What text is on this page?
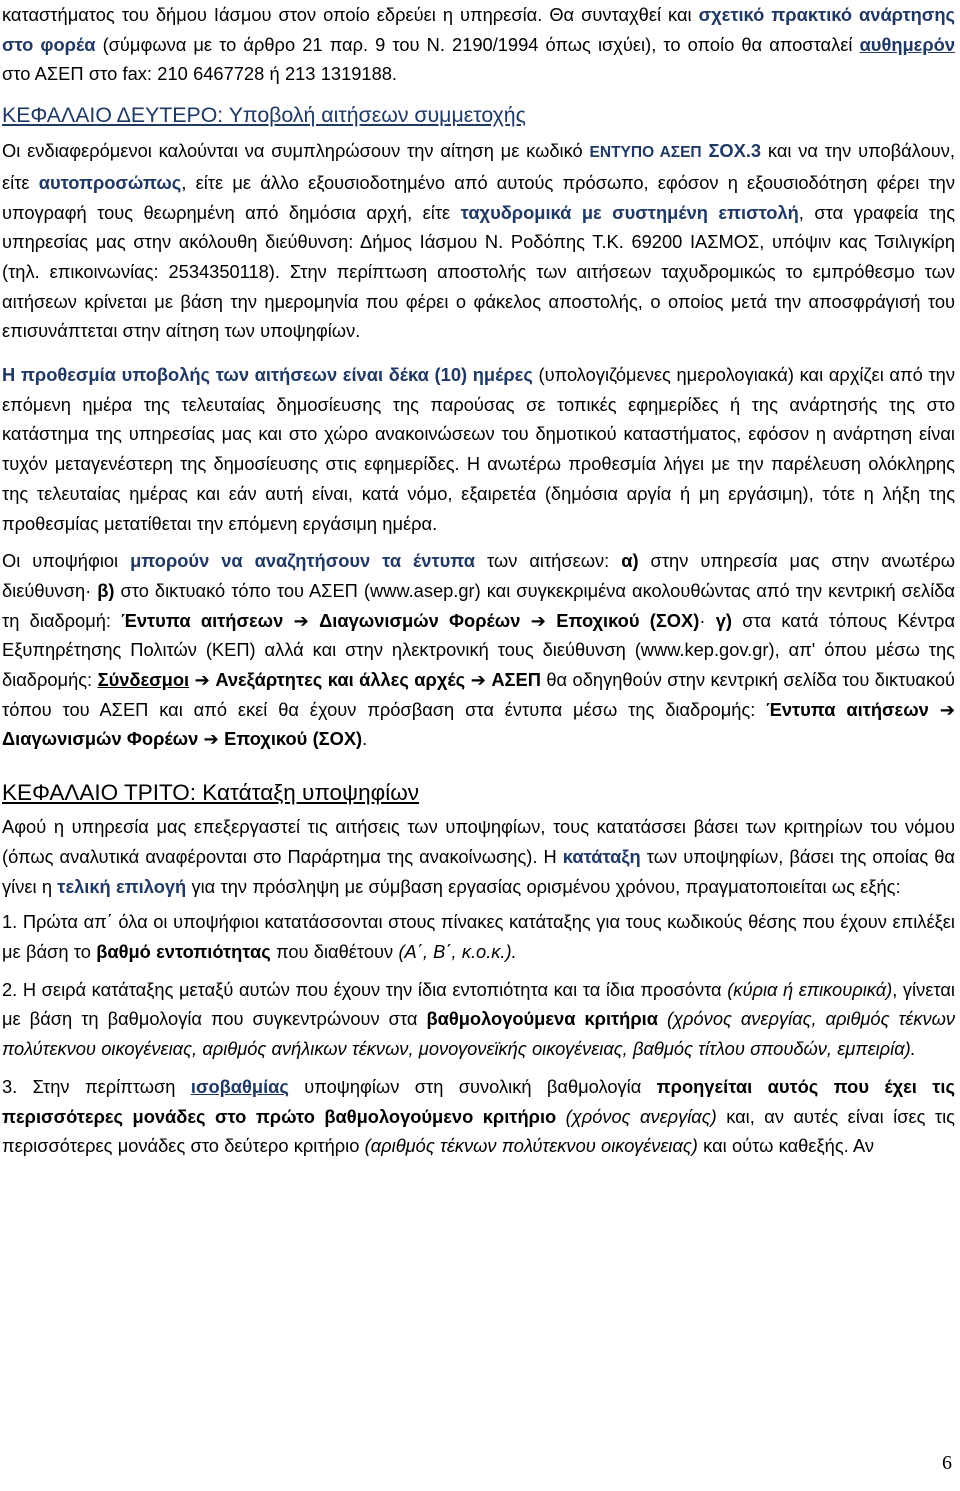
καταστήματος του δήμου Ιάσμου στον οποίο εδρεύει η υπηρεσία. Θα συνταχθεί και σχετικό πρακτικό ανάρτησης στο φορέα (σύμφωνα με το άρθρο 21 παρ. 9 του Ν. 2190/1994 όπως ισχύει), το οποίο θα αποσταλεί αυθημερόν στο ΑΣΕΠ στο fax: 210 6467728 ή 213 1319188.

ΚΕΦΑΛΑΙΟ ΔΕΥΤΕΡΟ: Υποβολή αιτήσεων συμμετοχής

Οι ενδιαφερόμενοι καλούνται να συμπληρώσουν την αίτηση με κωδικό ΕΝΤΥΠΟ ΑΣΕΠ ΣΟΧ.3 και να την υποβάλουν, είτε αυτοπροσώπως, είτε με άλλο εξουσιοδοτημένο από αυτούς πρόσωπο, εφόσον η εξουσιοδότηση φέρει την υπογραφή τους θεωρημένη από δημόσια αρχή, είτε ταχυδρομικά με συστημένη επιστολή, στα γραφεία της υπηρεσίας μας στην ακόλουθη διεύθυνση: Δήμος Ιάσμου Ν. Ροδόπης Τ.Κ. 69200 ΙΑΣΜΟΣ, υπόψιν κας Τσιλιγκίρη (τηλ. επικοινωνίας: 2534350118). Στην περίπτωση αποστολής των αιτήσεων ταχυδρομικώς το εμπρόθεσμο των αιτήσεων κρίνεται με βάση την ημερομηνία που φέρει ο φάκελος αποστολής, ο οποίος μετά την αποσφράγισή του επισυνάπτεται στην αίτηση των υποψηφίων.

Η προθεσμία υποβολής των αιτήσεων είναι δέκα (10) ημέρες (υπολογιζόμενες ημερολογιακά) και αρχίζει από την επόμενη ημέρα της τελευταίας δημοσίευσης της παρούσας σε τοπικές εφημερίδες ή της ανάρτησής της στο κατάστημα της υπηρεσίας μας και στο χώρο ανακοινώσεων του δημοτικού καταστήματος, εφόσον η ανάρτηση είναι τυχόν μεταγενέστερη της δημοσίευσης στις εφημερίδες. Η ανωτέρω προθεσμία λήγει με την παρέλευση ολόκληρης της τελευταίας ημέρας και εάν αυτή είναι, κατά νόμο, εξαιρετέα (δημόσια αργία ή μη εργάσιμη), τότε η λήξη της προθεσμίας μετατίθεται την επόμενη εργάσιμη ημέρα.

Οι υποψήφιοι μπορούν να αναζητήσουν τα έντυπα των αιτήσεων: α) στην υπηρεσία μας στην ανωτέρω διεύθυνση· β) στο δικτυακό τόπο του ΑΣΕΠ (www.asep.gr) και συγκεκριμένα ακολουθώντας από την κεντρική σελίδα τη διαδρομή: Έντυπα αιτήσεων ➔ Διαγωνισμών Φορέων ➔ Εποχικού (ΣΟΧ)· γ) στα κατά τόπους Κέντρα Εξυπηρέτησης Πολιτών (ΚΕΠ) αλλά και στην ηλεκτρονική τους διεύθυνση (www.kep.gov.gr), απ' όπου μέσω της διαδρομής: Σύνδεσμοι ➔ Ανεξάρτητες και άλλες αρχές ➔ ΑΣΕΠ θα οδηγηθούν στην κεντρική σελίδα του δικτυακού τόπου του ΑΣΕΠ και από εκεί θα έχουν πρόσβαση στα έντυπα μέσω της διαδρομής: Έντυπα αιτήσεων ➔ Διαγωνισμών Φορέων ➔ Εποχικού (ΣΟΧ).

ΚΕΦΑΛΑΙΟ ΤΡΙΤΟ: Κατάταξη υποψηφίων

Αφού η υπηρεσία μας επεξεργαστεί τις αιτήσεις των υποψηφίων, τους κατατάσσει βάσει των κριτηρίων του νόμου (όπως αναλυτικά αναφέρονται στο Παράρτημα της ανακοίνωσης). Η κατάταξη των υποψηφίων, βάσει της οποίας θα γίνει η τελική επιλογή για την πρόσληψη με σύμβαση εργασίας ορισμένου χρόνου, πραγματοποιείται ως εξής:

1. Πρώτα απ΄ όλα οι υποψήφιοι κατατάσσονται στους πίνακες κατάταξης για τους κωδικούς θέσης που έχουν επιλέξει με βάση το βαθμό εντοπιότητας που διαθέτουν (Α΄, Β΄, κ.ο.κ.).

2. Η σειρά κατάταξης μεταξύ αυτών που έχουν την ίδια εντοπιότητα και τα ίδια προσόντα (κύρια ή επικουρικά), γίνεται με βάση τη βαθμολογία που συγκεντρώνουν στα βαθμολογούμενα κριτήρια (χρόνος ανεργίας, αριθμός τέκνων πολύτεκνου οικογένειας, αριθμός ανήλικων τέκνων, μονογονεϊκής οικογένειας, βαθμός τίτλου σπουδών, εμπειρία).

3. Στην περίπτωση ισοβαθμίας υποψηφίων στη συνολική βαθμολογία προηγείται αυτός που έχει τις περισσότερες μονάδες στο πρώτο βαθμολογούμενο κριτήριο (χρόνος ανεργίας) και, αν αυτές είναι ίσες τις περισσότερες μονάδες στο δεύτερο κριτήριο (αριθμός τέκνων πολύτεκνου οικογένειας) και ούτω καθεξής. Αν

6
